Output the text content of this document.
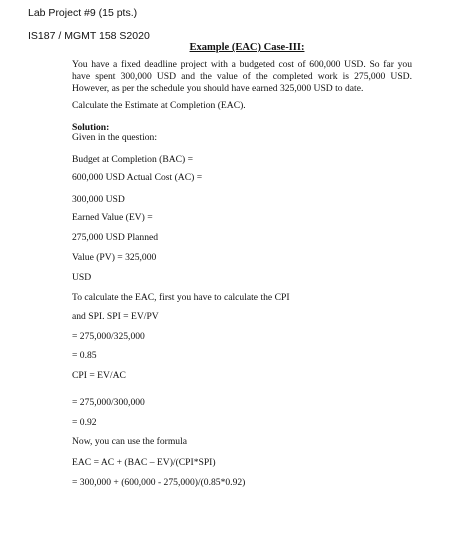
Lab Project #9 (15 pts.)

IS187 / MGMT 158 S2020

Example (EAC) Case-III:

You have a fixed deadline project with a budgeted cost of 600,000 USD. So far you have spent 300,000 USD and the value of the completed work is 275,000 USD. However, as per the schedule you should have earned 325,000 USD to date.

Calculate the Estimate at Completion (EAC).

Solution:

Given in the question:

Budget at Completion (BAC) =

600,000 USD Actual Cost (AC) =

300,000 USD

Earned Value (EV) =

275,000 USD Planned

Value (PV) = 325,000

USD

To calculate the EAC, first you have to calculate the CPI

and SPI. SPI = EV/PV

= 275,000/325,000

= 0.85

CPI = EV/AC

= 275,000/300,000

= 0.92

Now, you can use the formula

EAC = AC + (BAC – EV)/(CPI*SPI)

= 300,000 + (600,000 - 275,000)/(0.85*0.92)
